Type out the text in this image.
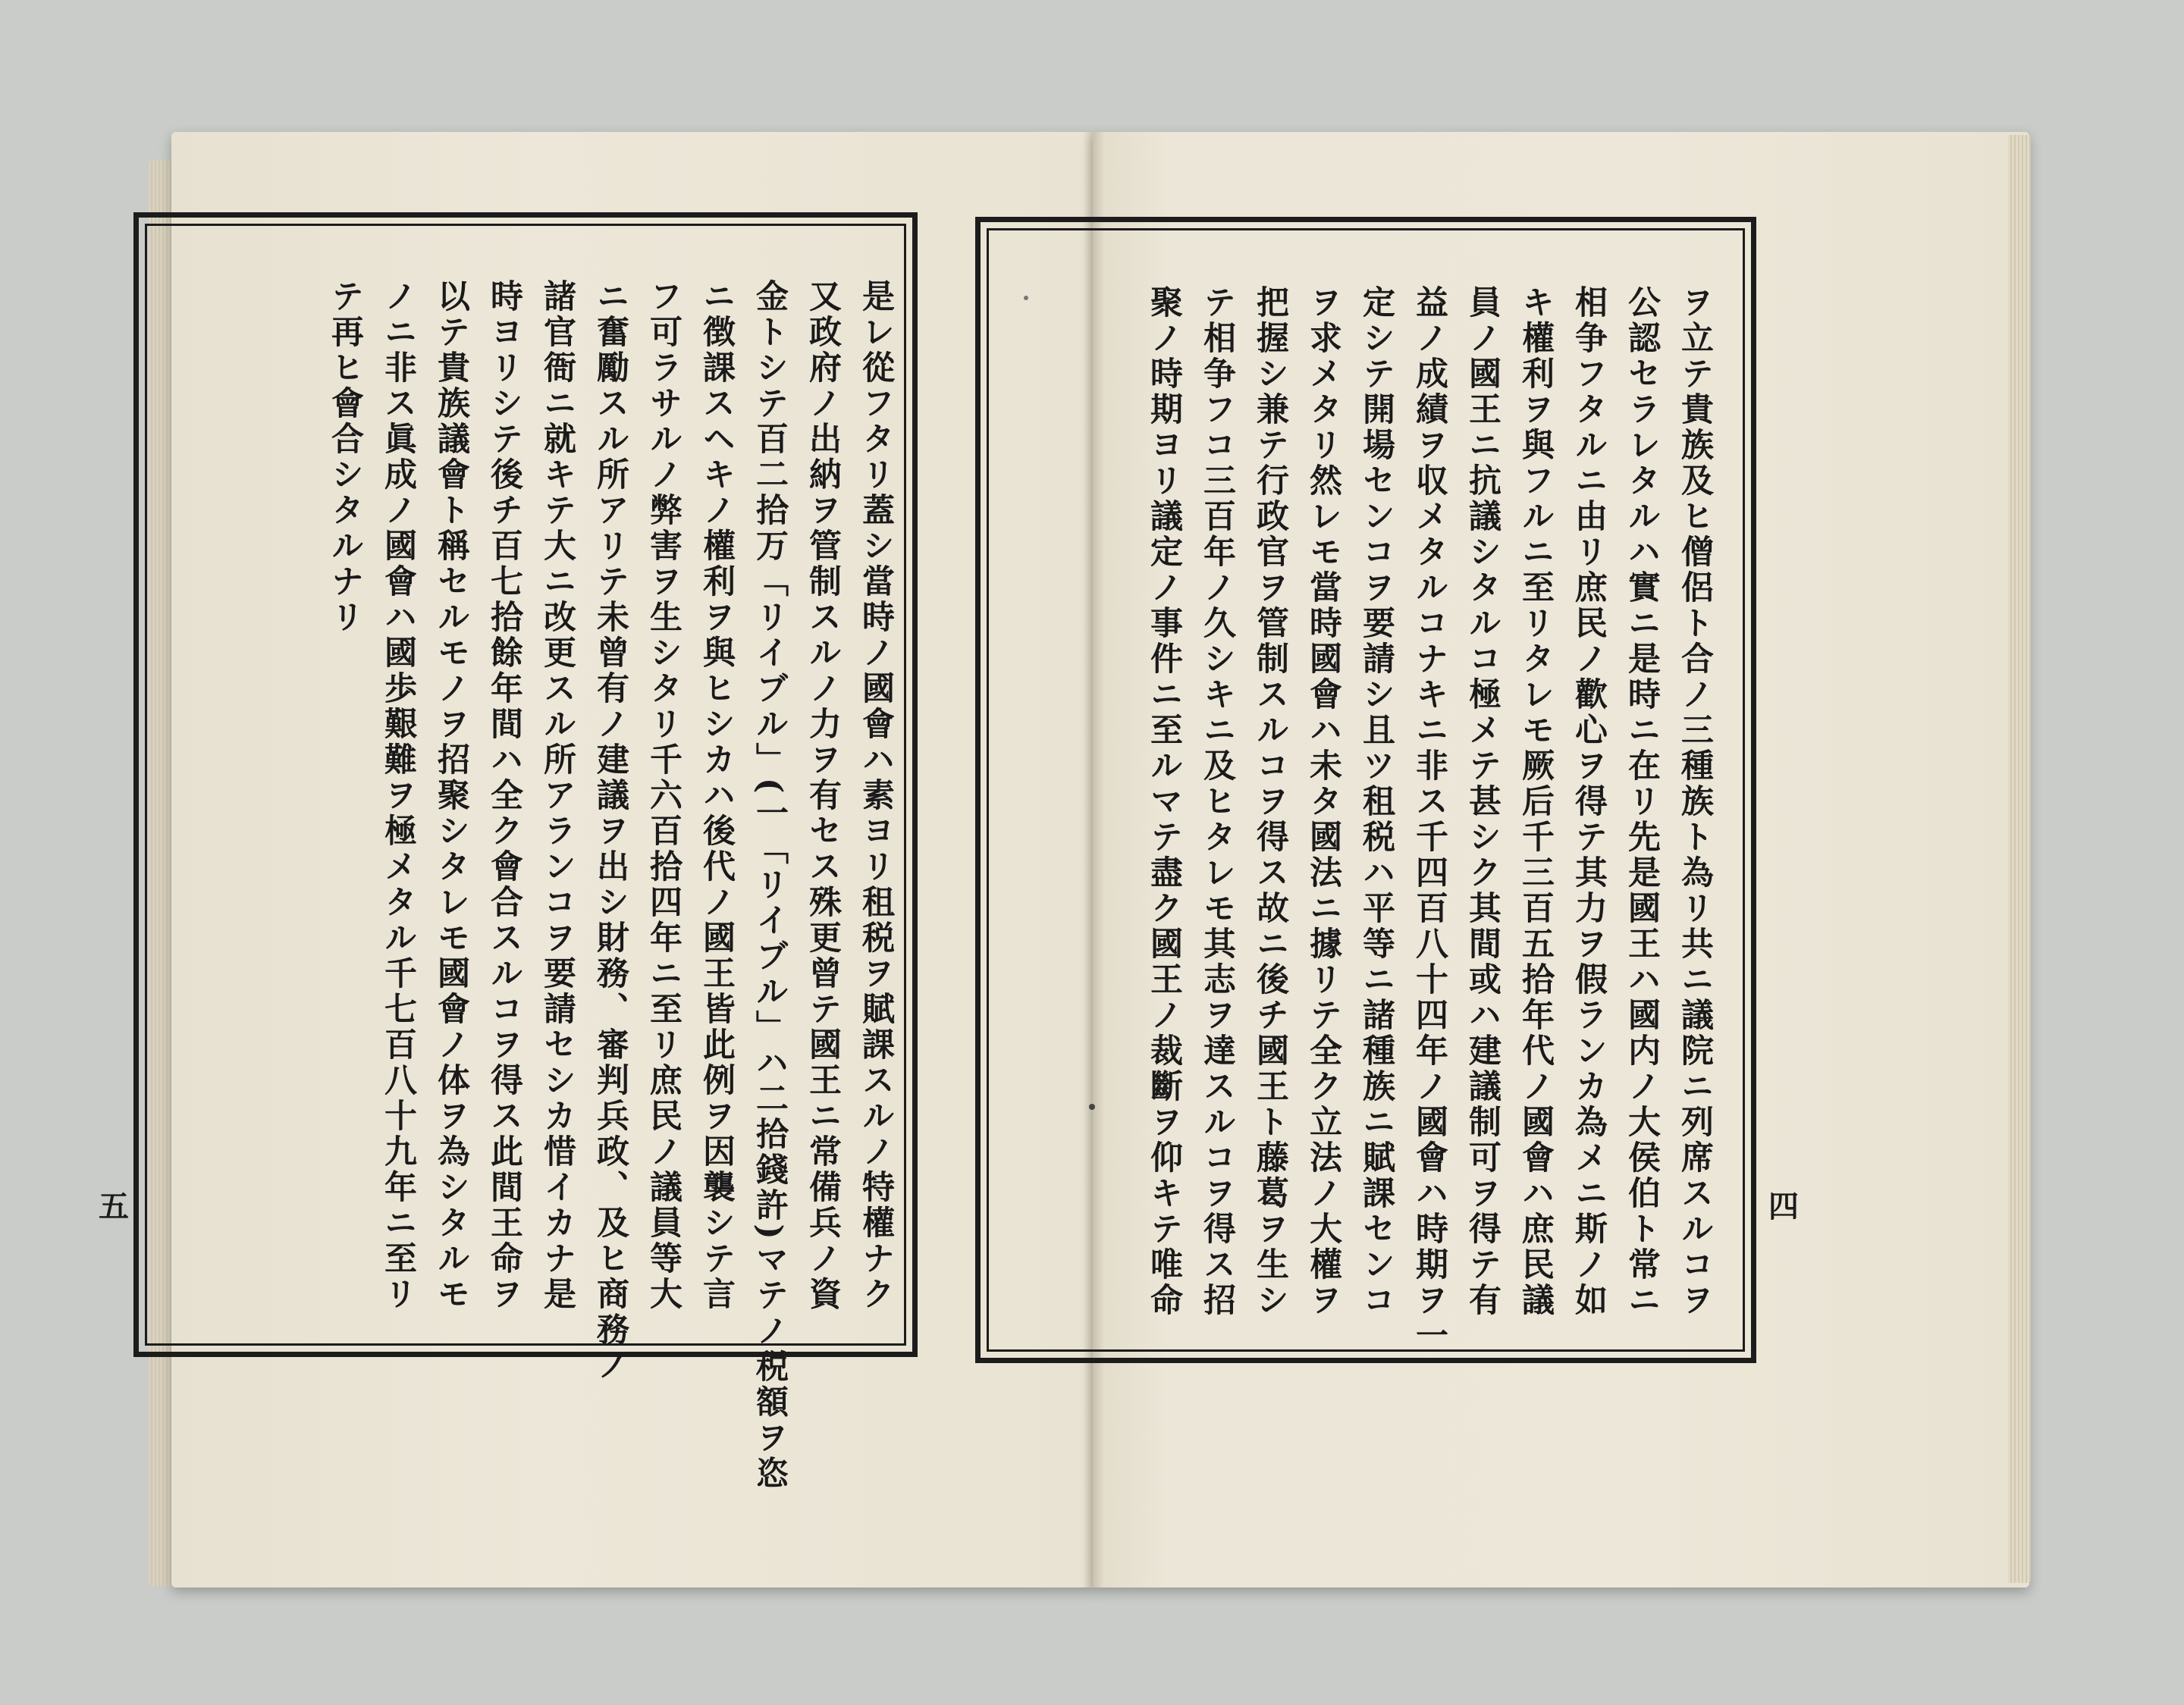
是レ從フタリ蓋シ當時ノ國會ハ素ヨリ租税ヲ賦課スルノ特權ナク
又政府ノ出納ヲ管制スルノ力ヲ有セス殊更曾テ國王ニ常備兵ノ資
金トシテ百二拾万「リイブル」(一「リイブル」ハ二拾錢許)マテノ税額ヲ恣
ニ徴課スヘキノ權利ヲ與ヒシカハ後代ノ國王皆此例ヲ因襲シテ言
フ可ラサルノ弊害ヲ生シタリ千六百拾四年ニ至リ庶民ノ議員等大
ニ奮勵スル所アリテ未曾有ノ建議ヲ出シ財務、審判兵政、及ヒ商務ノ
諸官衙ニ就キテ大ニ改更スル所アランコヲ要請セシカ惜イカナ是
時ヨリシテ後チ百七拾餘年間ハ全ク會合スルコヲ得ス此間王命ヲ
以テ貴族議會ト稱セルモノヲ招聚シタレモ國會ノ体ヲ為シタルモ
ノニ非ス眞成ノ國會ハ國歩艱難ヲ極メタル千七百八十九年ニ至リ
テ再ヒ會合シタルナリ	ヲ立テ貴族及ヒ僧侶ト合ノ三種族ト為リ共ニ議院ニ列席スルコヲ
公認セラレタルハ實ニ是時ニ在リ先是國王ハ國内ノ大侯伯ト常ニ
相争フタルニ由リ庶民ノ歡心ヲ得テ其力ヲ假ランカ為メニ斯ノ如
キ權利ヲ與フルニ至リタレモ厥后千三百五拾年代ノ國會ハ庶民議
員ノ國王ニ抗議シタルコ極メテ甚シク其間或ハ建議制可ヲ得テ有
益ノ成績ヲ収メタルコナキニ非ス千四百八十四年ノ國會ハ時期ヲ一
定シテ開場センコヲ要請シ且ツ租税ハ平等ニ諸種族ニ賦課センコ
ヲ求メタリ然レモ當時國會ハ未タ國法ニ據リテ全ク立法ノ大權ヲ
把握シ兼テ行政官ヲ管制スルコヲ得ス故ニ後チ國王ト藤葛ヲ生シ
テ相争フコ三百年ノ久シキニ及ヒタレモ其志ヲ達スルコヲ得ス招
聚ノ時期ヨリ議定ノ事件ニ至ルマテ盡ク國王ノ裁斷ヲ仰キテ唯命
五	四
